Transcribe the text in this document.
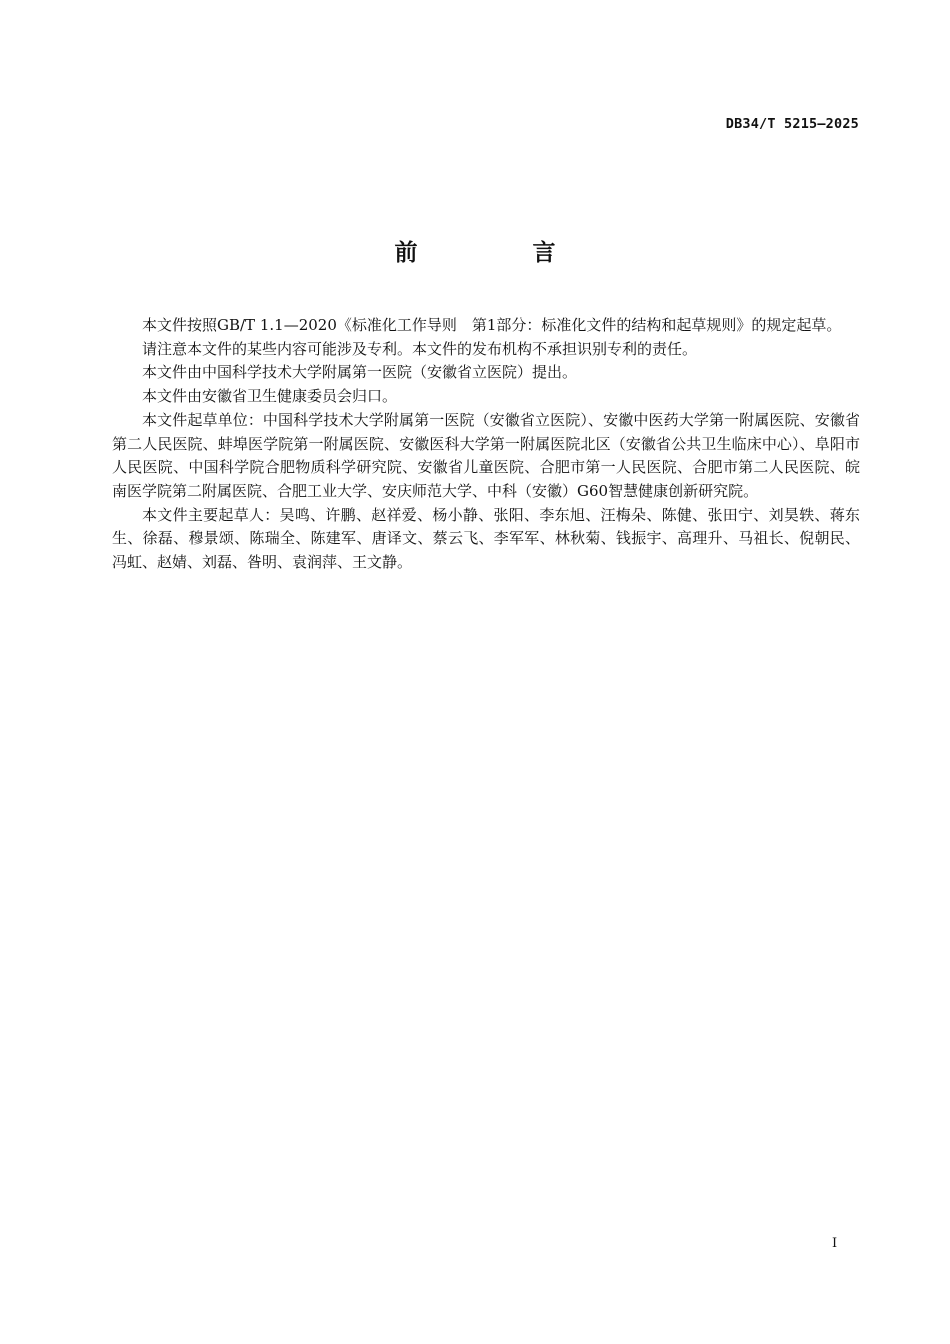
DB34/T 5215—2025
前　言

本文件按照GB/T 1.1—2020《标准化工作导则　第1部分：标准化文件的结构和起草规则》的规定起草。

请注意本文件的某些内容可能涉及专利。本文件的发布机构不承担识别专利的责任。

本文件由中国科学技术大学附属第一医院（安徽省立医院）提出。

本文件由安徽省卫生健康委员会归口。

本文件起草单位：中国科学技术大学附属第一医院（安徽省立医院）、安徽中医药大学第一附属医院、安徽省第二人民医院、蚌埠医学院第一附属医院、安徽医科大学第一附属医院北区（安徽省公共卫生临床中心）、阜阳市人民医院、中国科学院合肥物质科学研究院、安徽省儿童医院、合肥市第一人民医院、合肥市第二人民医院、皖南医学院第二附属医院、合肥工业大学、安庆师范大学、中科（安徽）G60智慧健康创新研究院。

本文件主要起草人：吴鸣、许鹏、赵祥爱、杨小静、张阳、李东旭、汪梅朵、陈健、张田宁、刘昊轶、蒋东生、徐磊、穆景颂、陈瑞全、陈建军、唐译文、蔡云飞、李军军、林秋菊、钱振宇、高理升、马祖长、倪朝民、冯虹、赵婧、刘磊、昝明、袁润萍、王文静。

I
